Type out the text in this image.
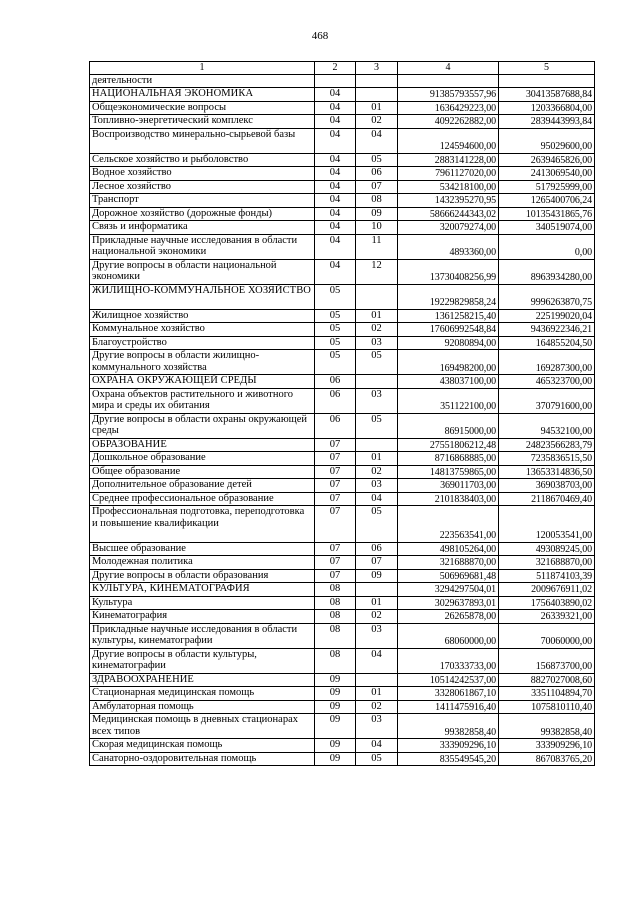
468
1	2	3	4	5
деятельности				
НАЦИОНАЛЬНАЯ ЭКОНОМИКА	04		91385793557,96	30413587688,84
Общеэкономические вопросы	04	01	1636429223,00	1203366804,00
Топливно-энергетический комплекс	04	02	4092262882,00	2839443993,84
Воспроизводство минерально-сырьевой базы	04	04	124594600,00	95029600,00
Сельское хозяйство и рыболовство	04	05	2883141228,00	2639465826,00
Водное хозяйство	04	06	7961127020,00	2413069540,00
Лесное хозяйство	04	07	534218100,00	517925999,00
Транспорт	04	08	1432395270,95	1265400706,24
Дорожное хозяйство (дорожные фонды)	04	09	58666244343,02	10135431865,76
Связь и информатика	04	10	320079274,00	340519074,00
Прикладные научные исследования в области национальной экономики	04	11	4893360,00	0,00
Другие вопросы в области национальной экономики	04	12	13730408256,99	8963934280,00
ЖИЛИЩНО-КОММУНАЛЬНОЕ ХОЗЯЙСТВО	05		19229829858,24	9996263870,75
Жилищное хозяйство	05	01	1361258215,40	225199020,04
Коммунальное хозяйство	05	02	17606992548,84	9436922346,21
Благоустройство	05	03	92080894,00	164855204,50
Другие вопросы в области жилищно-коммунального хозяйства	05	05	169498200,00	169287300,00
ОХРАНА ОКРУЖАЮЩЕЙ СРЕДЫ	06		438037100,00	465323700,00
Охрана объектов растительного и животного мира и среды их обитания	06	03	351122100,00	370791600,00
Другие вопросы в области охраны окружающей среды	06	05	86915000,00	94532100,00
ОБРАЗОВАНИЕ	07		27551806212,48	24823566283,79
Дошкольное образование	07	01	8716868885,00	7235836515,50
Общее образование	07	02	14813759865,00	13653314836,50
Дополнительное образование детей	07	03	369011703,00	369038703,00
Среднее профессиональное образование	07	04	2101838403,00	2118670469,40
Профессиональная подготовка, переподготовка и повышение квалификации	07	05	223563541,00	120053541,00
Высшее образование	07	06	498105264,00	493089245,00
Молодежная политика	07	07	321688870,00	321688870,00
Другие вопросы в области образования	07	09	506969681,48	511874103,39
КУЛЬТУРА, КИНЕМАТОГРАФИЯ	08		3294297504,01	2009676911,02
Культура	08	01	3029637893,01	1756403890,02
Кинематография	08	02	26265878,00	26339321,00
Прикладные научные исследования в области культуры, кинематографии	08	03	68060000,00	70060000,00
Другие вопросы в области культуры, кинематографии	08	04	170333733,00	156873700,00
ЗДРАВООХРАНЕНИЕ	09		10514242537,00	8827027008,60
Стационарная медицинская помощь	09	01	3328061867,10	3351104894,70
Амбулаторная помощь	09	02	1411475916,40	1075810110,40
Медицинская помощь в дневных стационарах всех типов	09	03	99382858,40	99382858,40
Скорая медицинская помощь	09	04	333909296,10	333909296,10
Санаторно-оздоровительная помощь	09	05	835549545,20	867083765,20
